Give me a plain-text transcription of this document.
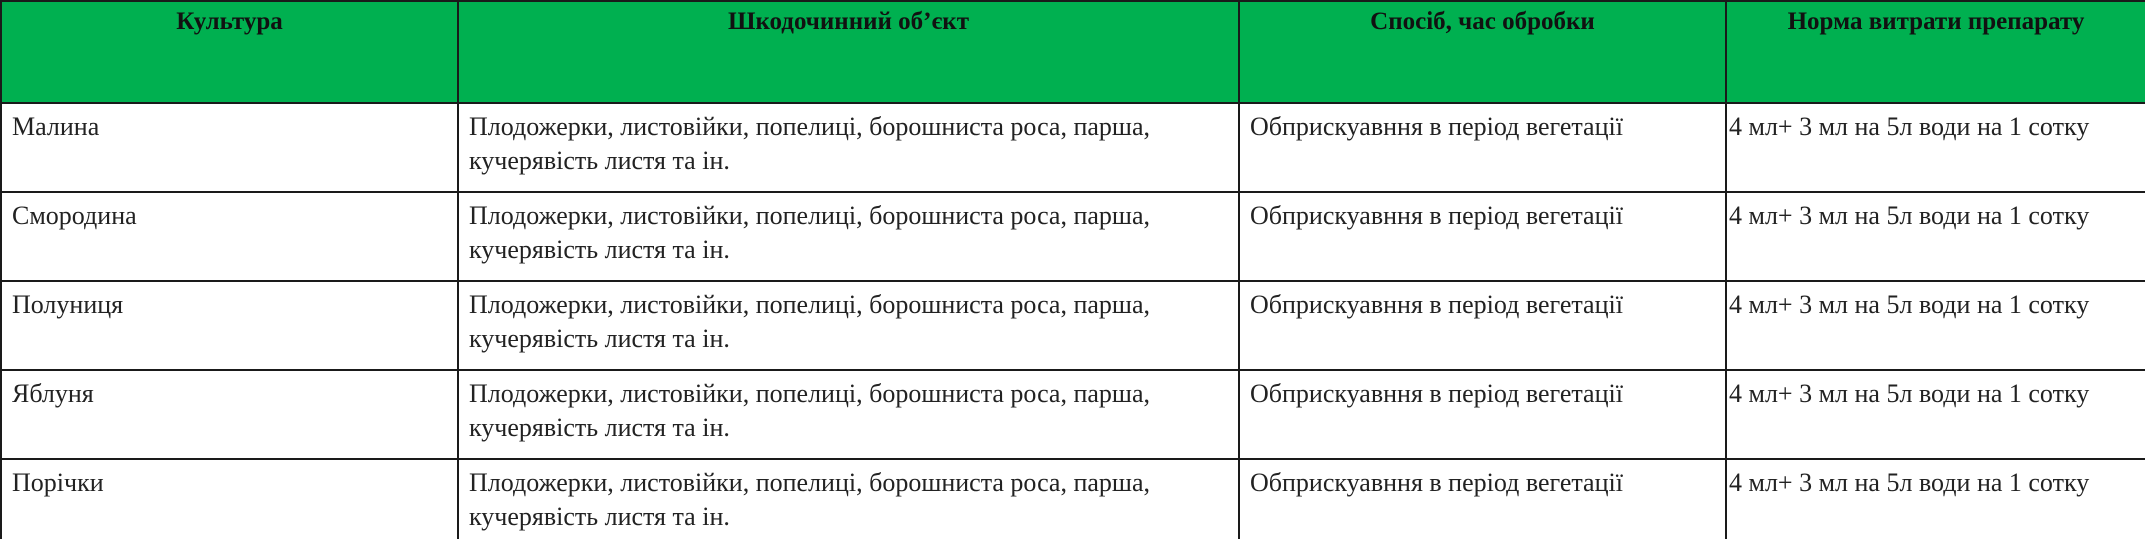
Культура	Шкодочинний об’єкт	Спосіб, час обробки	Норма витрати препарату
Малина	Плодожерки, листовійки, попелиці, борошниста роса, парша, кучерявість листя та ін.	Обприскуавння в період вегетації	4 мл+ 3 мл на 5л води на 1 сотку
Смородина	Плодожерки, листовійки, попелиці, борошниста роса, парша, кучерявість листя та ін.	Обприскуавння в період вегетації	4 мл+ 3 мл на 5л води на 1 сотку
Полуниця	Плодожерки, листовійки, попелиці, борошниста роса, парша, кучерявість листя та ін.	Обприскуавння в період вегетації	4 мл+ 3 мл на 5л води на 1 сотку
Яблуня	Плодожерки, листовійки, попелиці, борошниста роса, парша, кучерявість листя та ін.	Обприскуавння в період вегетації	4 мл+ 3 мл на 5л води на 1 сотку
Порічки	Плодожерки, листовійки, попелиці, борошниста роса, парша, кучерявість листя та ін.	Обприскуавння в період вегетації	4 мл+ 3 мл на 5л води на 1 сотку
